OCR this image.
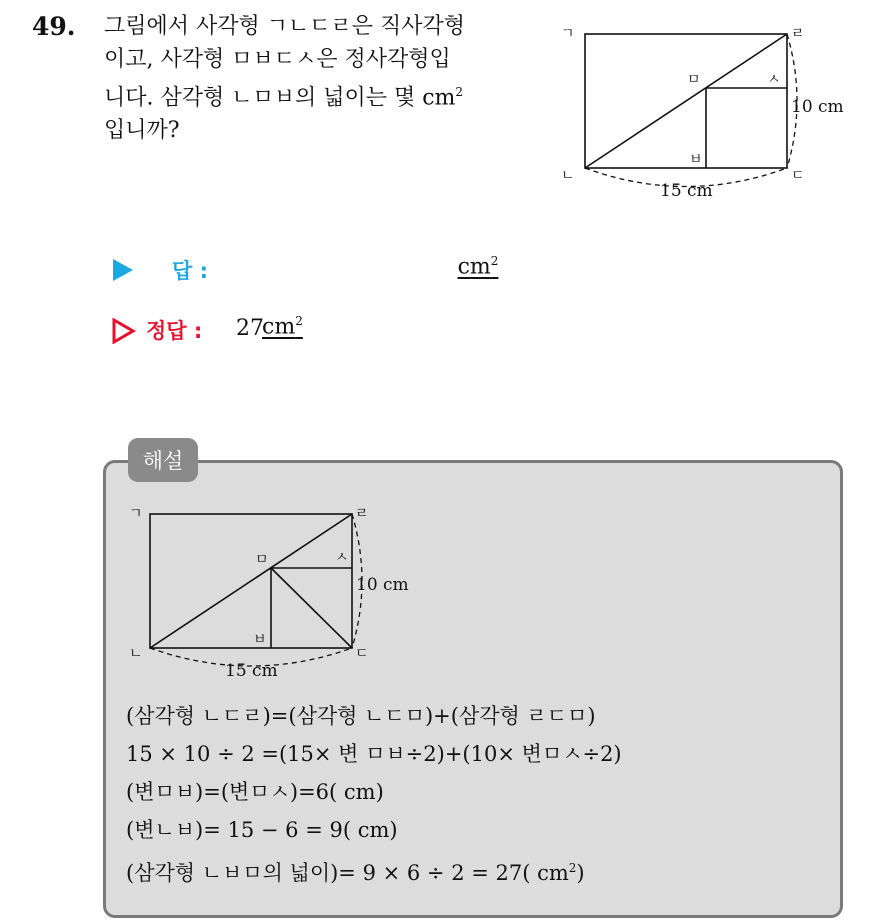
49. 그림에서 사각형 ㄱㄴㄷㄹ은 직사각형
이고, 사각형 ㅁㅂㄷㅅ은 정사각형입
니다. 삼각형 ㄴㅁㅂ의 넓이는 몇 $cm^2$
입니까?
ㄱ	ㄹ
ㄴ	ㄷ
ㅁ
ㅂ
ㅅ
10 cm
15 cm
답 :	$cm^2$
정답 : 27
$cm^2$
해설
ㄱ	ㄹ
ㄴ	ㄷ
ㅁ
ㅂ
ㅅ
10 cm
15 cm
(삼각형 ㄴㄷㄹ)=(삼각형 ㄴㄷㅁ)+(삼각형 ㄹㄷㅁ)
15 × 10 ÷ 2 =(15× 변 ㅁㅂ÷2)+(10× 변ㅁㅅ÷2)
(변ㅁㅂ)=(변ㅁㅅ)=6( cm)
(변ㄴㅂ)= 15 − 6 = 9( cm)
(삼각형 ㄴㅂㅁ의 넓이)= 9 × 6 ÷ 2 = 27( $cm^2$)
